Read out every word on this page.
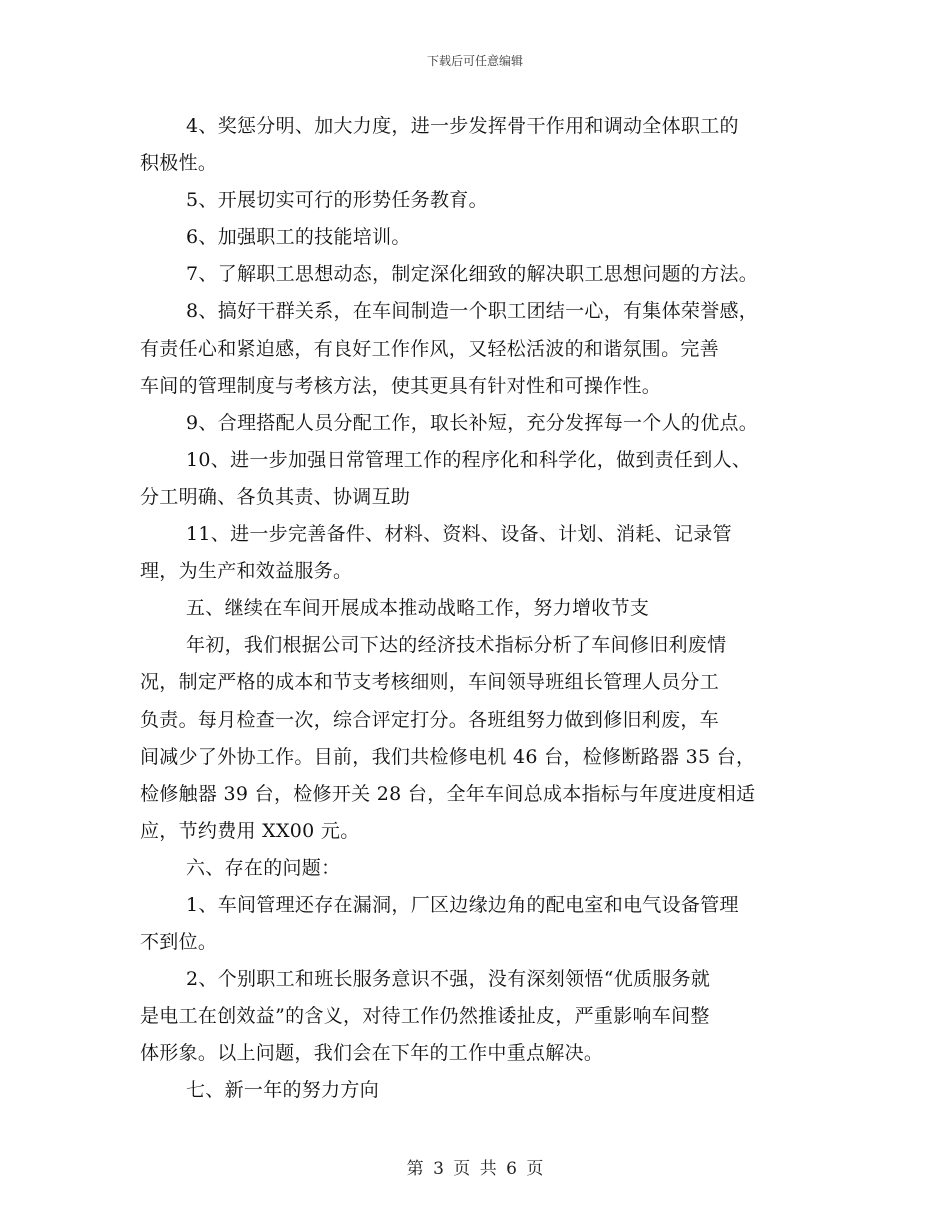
下载后可任意编辑
4、奖惩分明、加大力度，进一步发挥骨干作用和调动全体职工的
积极性。
5、开展切实可行的形势任务教育。
6、加强职工的技能培训。
7、了解职工思想动态，制定深化细致的解决职工思想问题的方法。
8、搞好干群关系，在车间制造一个职工团结一心，有集体荣誉感，
有责任心和紧迫感，有良好工作作风，又轻松活波的和谐氛围。完善
车间的管理制度与考核方法，使其更具有针对性和可操作性。
9、合理搭配人员分配工作，取长补短，充分发挥每一个人的优点。
10、进一步加强日常管理工作的程序化和科学化，做到责任到人、
分工明确、各负其责、协调互助
11、进一步完善备件、材料、资料、设备、计划、消耗、记录管
理，为生产和效益服务。
五、继续在车间开展成本推动战略工作，努力增收节支
年初，我们根据公司下达的经济技术指标分析了车间修旧利废情
况，制定严格的成本和节支考核细则，车间领导班组长管理人员分工
负责。每月检查一次，综合评定打分。各班组努力做到修旧利废，车
间减少了外协工作。目前，我们共检修电机 46 台，检修断路器 35 台，
检修触器 39 台，检修开关 28 台，全年车间总成本指标与年度进度相适
应，节约费用 XX00 元。
六、存在的问题：
1、车间管理还存在漏洞，厂区边缘边角的配电室和电气设备管理
不到位。
2、个别职工和班长服务意识不强，没有深刻领悟“优质服务就
是电工在创效益”的含义，对待工作仍然推诿扯皮，严重影响车间整
体形象。以上问题，我们会在下年的工作中重点解决。
七、新一年的努力方向
第 3 页 共 6 页
